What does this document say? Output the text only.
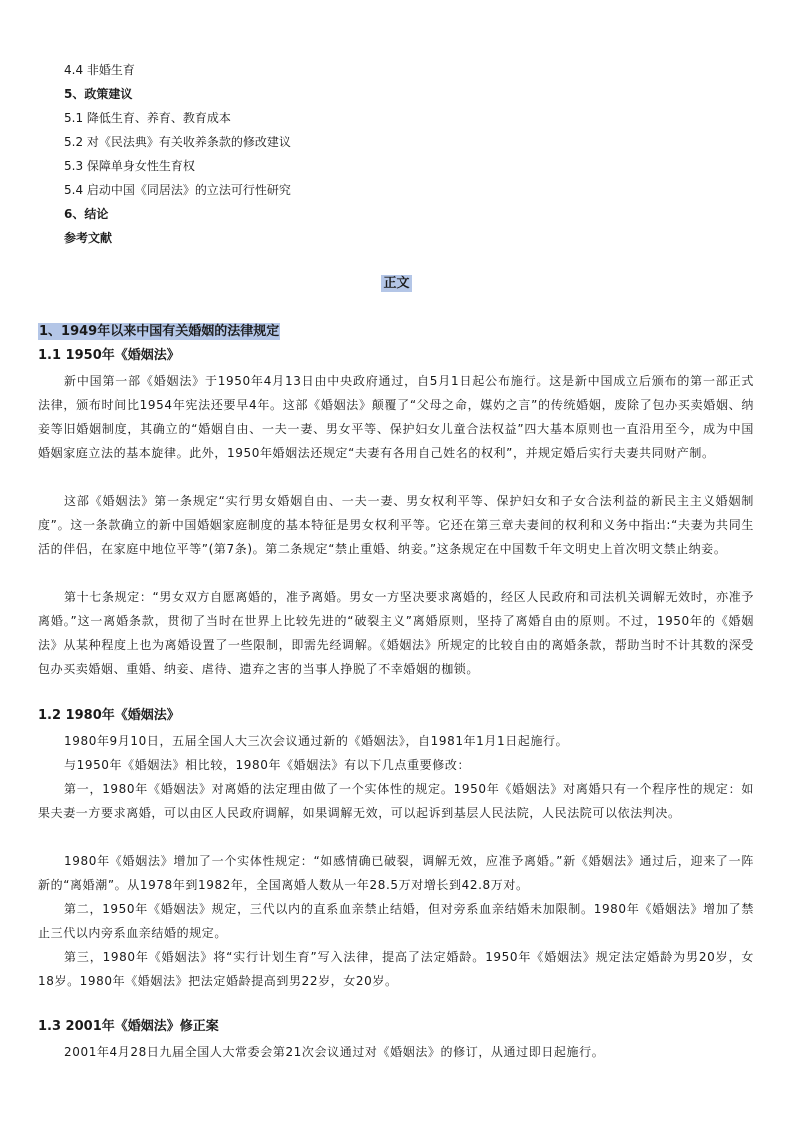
4.4 非婚生育
5、政策建议
5.1 降低生育、养育、教育成本
5.2 对《民法典》有关收养条款的修改建议
5.3 保障单身女性生育权
5.4 启动中国《同居法》的立法可行性研究
6、结论
参考文献
正文
1、1949年以来中国有关婚姻的法律规定
1.1 1950年《婚姻法》
新中国第一部《婚姻法》于1950年4月13日由中央政府通过，自5月1日起公布施行。这是新中国成立后颁布的第一部正式法律，颁布时间比1954年宪法还要早4年。这部《婚姻法》颠覆了“父母之命，媒妁之言”的传统婚姻，废除了包办买卖婚姻、纳妾等旧婚姻制度，其确立的“婚姻自由、一夫一妻、男女平等、保护妇女儿童合法权益”四大基本原则也一直沿用至今，成为中国婚姻家庭立法的基本旋律。此外，1950年婚姻法还规定“夫妻有各用自己姓名的权利”，并规定婚后实行夫妻共同财产制。
这部《婚姻法》第一条规定“实行男女婚姻自由、一夫一妻、男女权利平等、保护妇女和子女合法利益的新民主主义婚姻制度”。这一条款确立的新中国婚姻家庭制度的基本特征是男女权利平等。它还在第三章夫妻间的权利和义务中指出:“夫妻为共同生活的伴侣，在家庭中地位平等”(第7条)。第二条规定“禁止重婚、纳妾。”这条规定在中国数千年文明史上首次明文禁止纳妾。
第十七条规定：“男女双方自愿离婚的，准予离婚。男女一方坚决要求离婚的，经区人民政府和司法机关调解无效时，亦准予离婚。”这一离婚条款，贯彻了当时在世界上比较先进的“破裂主义”离婚原则，坚持了离婚自由的原则。不过，1950年的《婚姻法》从某种程度上也为离婚设置了一些限制，即需先经调解。《婚姻法》所规定的比较自由的离婚条款，帮助当时不计其数的深受包办买卖婚姻、重婚、纳妾、虐待、遗弃之害的当事人挣脱了不幸婚姻的枷锁。
1.2 1980年《婚姻法》
1980年9月10日，五届全国人大三次会议通过新的《婚姻法》，自1981年1月1日起施行。
与1950年《婚姻法》相比较，1980年《婚姻法》有以下几点重要修改：
第一，1980年《婚姻法》对离婚的法定理由做了一个实体性的规定。1950年《婚姻法》对离婚只有一个程序性的规定：如果夫妻一方要求离婚，可以由区人民政府调解，如果调解无效，可以起诉到基层人民法院，人民法院可以依法判决。
1980年《婚姻法》增加了一个实体性规定：“如感情确已破裂，调解无效，应准予离婚。”新《婚姻法》通过后，迎来了一阵新的“离婚潮”。从1978年到1982年，全国离婚人数从一年28.5万对增长到42.8万对。
第二，1950年《婚姻法》规定，三代以内的直系血亲禁止结婚，但对旁系血亲结婚未加限制。1980年《婚姻法》增加了禁止三代以内旁系血亲结婚的规定。
第三，1980年《婚姻法》将“实行计划生育”写入法律，提高了法定婚龄。1950年《婚姻法》规定法定婚龄为男20岁，女18岁。1980年《婚姻法》把法定婚龄提高到男22岁，女20岁。
1.3 2001年《婚姻法》修正案
2001年4月28日九届全国人大常委会第21次会议通过对《婚姻法》的修订，从通过即日起施行。
